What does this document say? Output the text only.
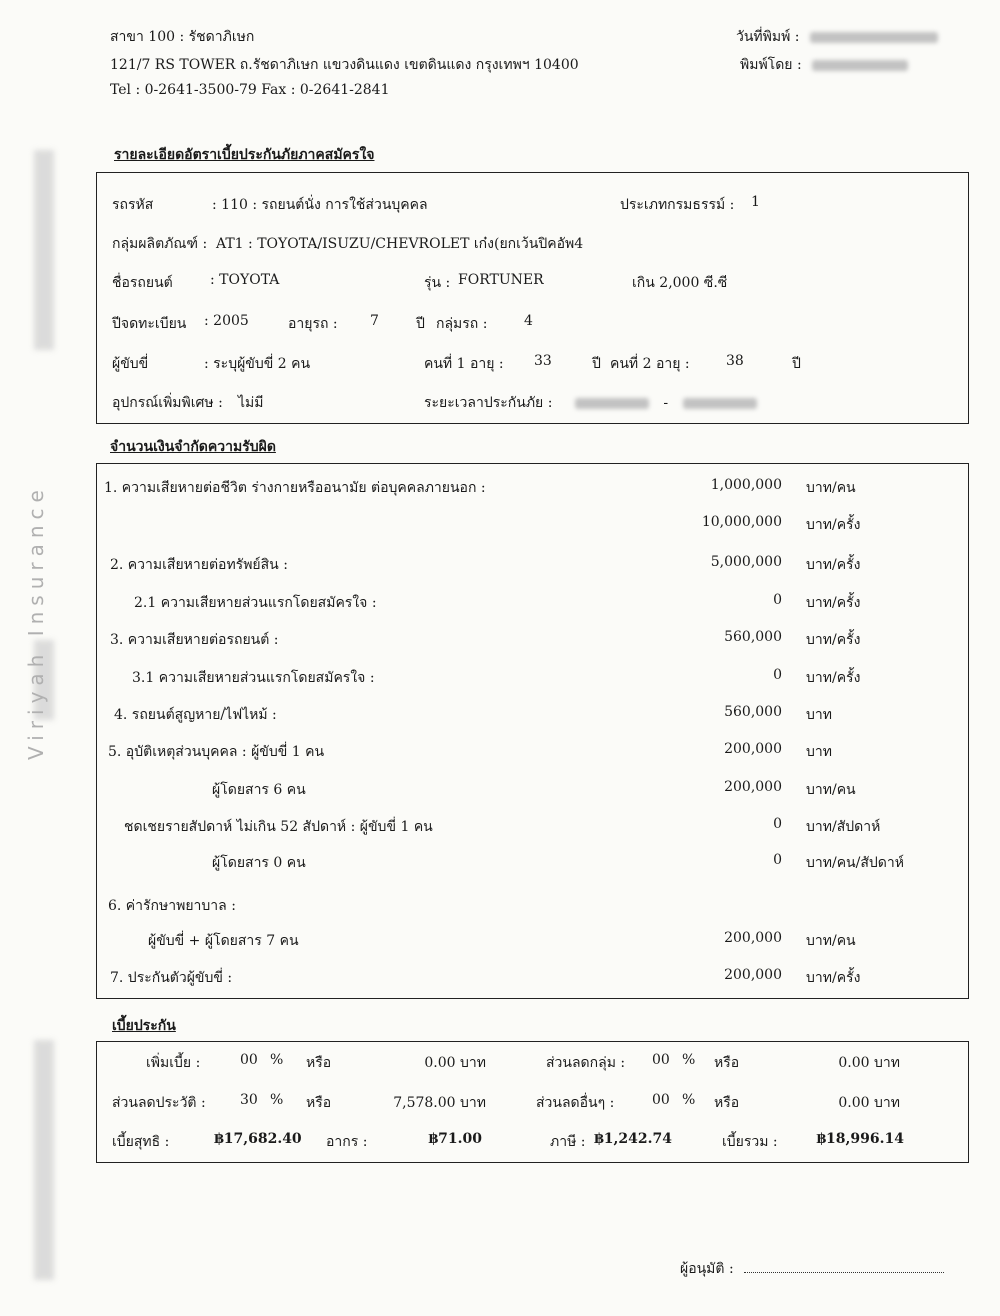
Viriyah Insurance
สาขา 100 : รัชดาภิเษก
121/7 RS TOWER ถ.รัชดาภิเษก แขวงดินแดง เขตดินแดง กรุงเทพฯ 10400
Tel : 0-2641-3500-79 Fax : 0-2641-2841
วันที่พิมพ์ :
พิมพ์โดย :
รายละเอียดอัตราเบี้ยประกันภัยภาคสมัครใจ
รถรหัส	: 110 : รถยนต์นั่ง การใช้ส่วนบุคคล	ประเภทกรมธรรม์ : 1
กลุ่มผลิตภัณฑ์ : AT1 : TOYOTA/ISUZU/CHEVROLET เก๋ง(ยกเว้นปิคอัพ4
ชื่อรถยนต์	: TOYOTA	รุ่น : FORTUNER	เกิน 2,000 ซี.ซี
ปีจดทะเบียน : 2005	อายุรถ : 7	ปี กลุ่มรถ :	4
ผู้ขับขี่	: ระบุผู้ขับขี่ 2 คน	คนที่ 1 อายุ : 33	ปี คนที่ 2 อายุ :	38	ปี
อุปกรณ์เพิ่มพิเศษ : ไม่มี	ระยะเวลาประกันภัย :	-
จำนวนเงินจำกัดความรับผิด
1. ความเสียหายต่อชีวิต ร่างกายหรืออนามัย ต่อบุคคลภายนอก :	1,000,000 บาท/คน
10,000,000 บาท/ครั้ง
2. ความเสียหายต่อทรัพย์สิน :	5,000,000 บาท/ครั้ง
2.1 ความเสียหายส่วนแรกโดยสมัครใจ :	0 บาท/ครั้ง
3. ความเสียหายต่อรถยนต์ :	560,000 บาท/ครั้ง
3.1 ความเสียหายส่วนแรกโดยสมัครใจ :	0 บาท/ครั้ง
4. รถยนต์สูญหาย/ไฟไหม้ :	560,000 บาท
5. อุบัติเหตุส่วนบุคคล : ผู้ขับขี่ 1 คน	200,000 บาท
ผู้โดยสาร 6 คน	200,000 บาท/คน
ชดเชยรายสัปดาห์ ไม่เกิน 52 สัปดาห์ : ผู้ขับขี่ 1 คน	0 บาท/สัปดาห์
ผู้โดยสาร 0 คน	0 บาท/คน/สัปดาห์
6. ค่ารักษาพยาบาล :
ผู้ขับขี่ + ผู้โดยสาร 7 คน	200,000 บาท/คน
7. ประกันตัวผู้ขับขี่ :	200,000 บาท/ครั้ง
เบี้ยประกัน
เพิ่มเบี้ย :	00 % หรือ	0.00 บาท	ส่วนลดกลุ่ม : 00 % หรือ	0.00 บาท
ส่วนลดประวัติ : 30 % หรือ	7,578.00 บาท	ส่วนลดอื่นๆ :	00 % หรือ	0.00 บาท
เบี้ยสุทธิ :	฿17,682.40 อากร :	฿71.00	ภาษี : ฿1,242.74	เบี้ยรวม :	฿18,996.14
ผู้อนุมัติ :
